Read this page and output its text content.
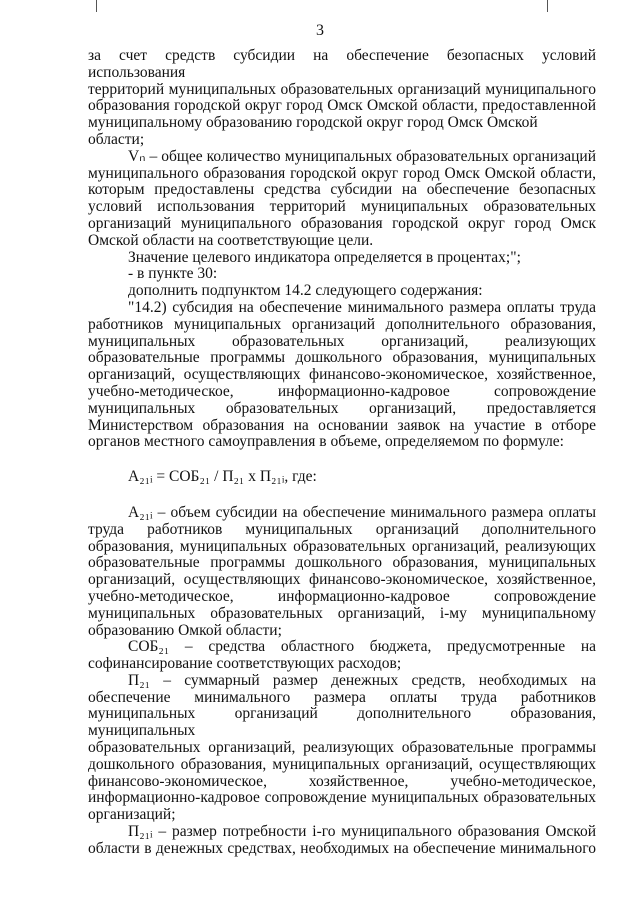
3

за счет средств субсидии на обеспечение безопасных условий использования

территорий муниципальных образовательных организаций муниципального

образования городской округ город Омск Омской области, предоставленной

муниципальному образованию городской округ город Омск Омской области;

Vₙ – общее количество муниципальных образовательных организаций

муниципального образования городской округ город Омск Омской области,

которым предоставлены средства субсидии на обеспечение безопасных

условий использования территорий муниципальных образовательных

организаций муниципального образования городской округ город Омск

Омской области на соответствующие цели.

Значение целевого индикатора определяется в процентах;";

- в пункте 30:

дополнить подпунктом 14.2 следующего содержания:

"14.2) субсидия на обеспечение минимального размера оплаты труда

работников муниципальных организаций дополнительного образования,

муниципальных образовательных организаций, реализующих

образовательные программы дошкольного образования, муниципальных

организаций, осуществляющих финансово-экономическое, хозяйственное,

учебно-методическое, информационно-кадровое сопровождение

муниципальных образовательных организаций, предоставляется

Министерством образования на основании заявок на участие в отборе

органов местного самоуправления в объеме, определяемом по формуле:

А₂₁ᵢ = СОБ₂₁ / П₂₁ х П₂₁ᵢ, где:

А₂₁ᵢ – объем субсидии на обеспечение минимального размера оплаты

труда работников муниципальных организаций дополнительного

образования, муниципальных образовательных организаций, реализующих

образовательные программы дошкольного образования, муниципальных

организаций, осуществляющих финансово-экономическое, хозяйственное,

учебно-методическое, информационно-кадровое сопровождение

муниципальных образовательных организаций, i-му муниципальному

образованию Омкой области;

СОБ₂₁ – средства областного бюджета, предусмотренные на

софинансирование соответствующих расходов;

П₂₁ – суммарный размер денежных средств, необходимых на

обеспечение минимального размера оплаты труда работников

муниципальных организаций дополнительного образования, муниципальных

образовательных организаций, реализующих образовательные программы

дошкольного образования, муниципальных организаций, осуществляющих

финансово-экономическое, хозяйственное, учебно-методическое,

информационно-кадровое сопровождение муниципальных образовательных

организаций;

П₂₁ᵢ – размер потребности i-го муниципального образования Омской

области в денежных средствах, необходимых на обеспечение минимального
